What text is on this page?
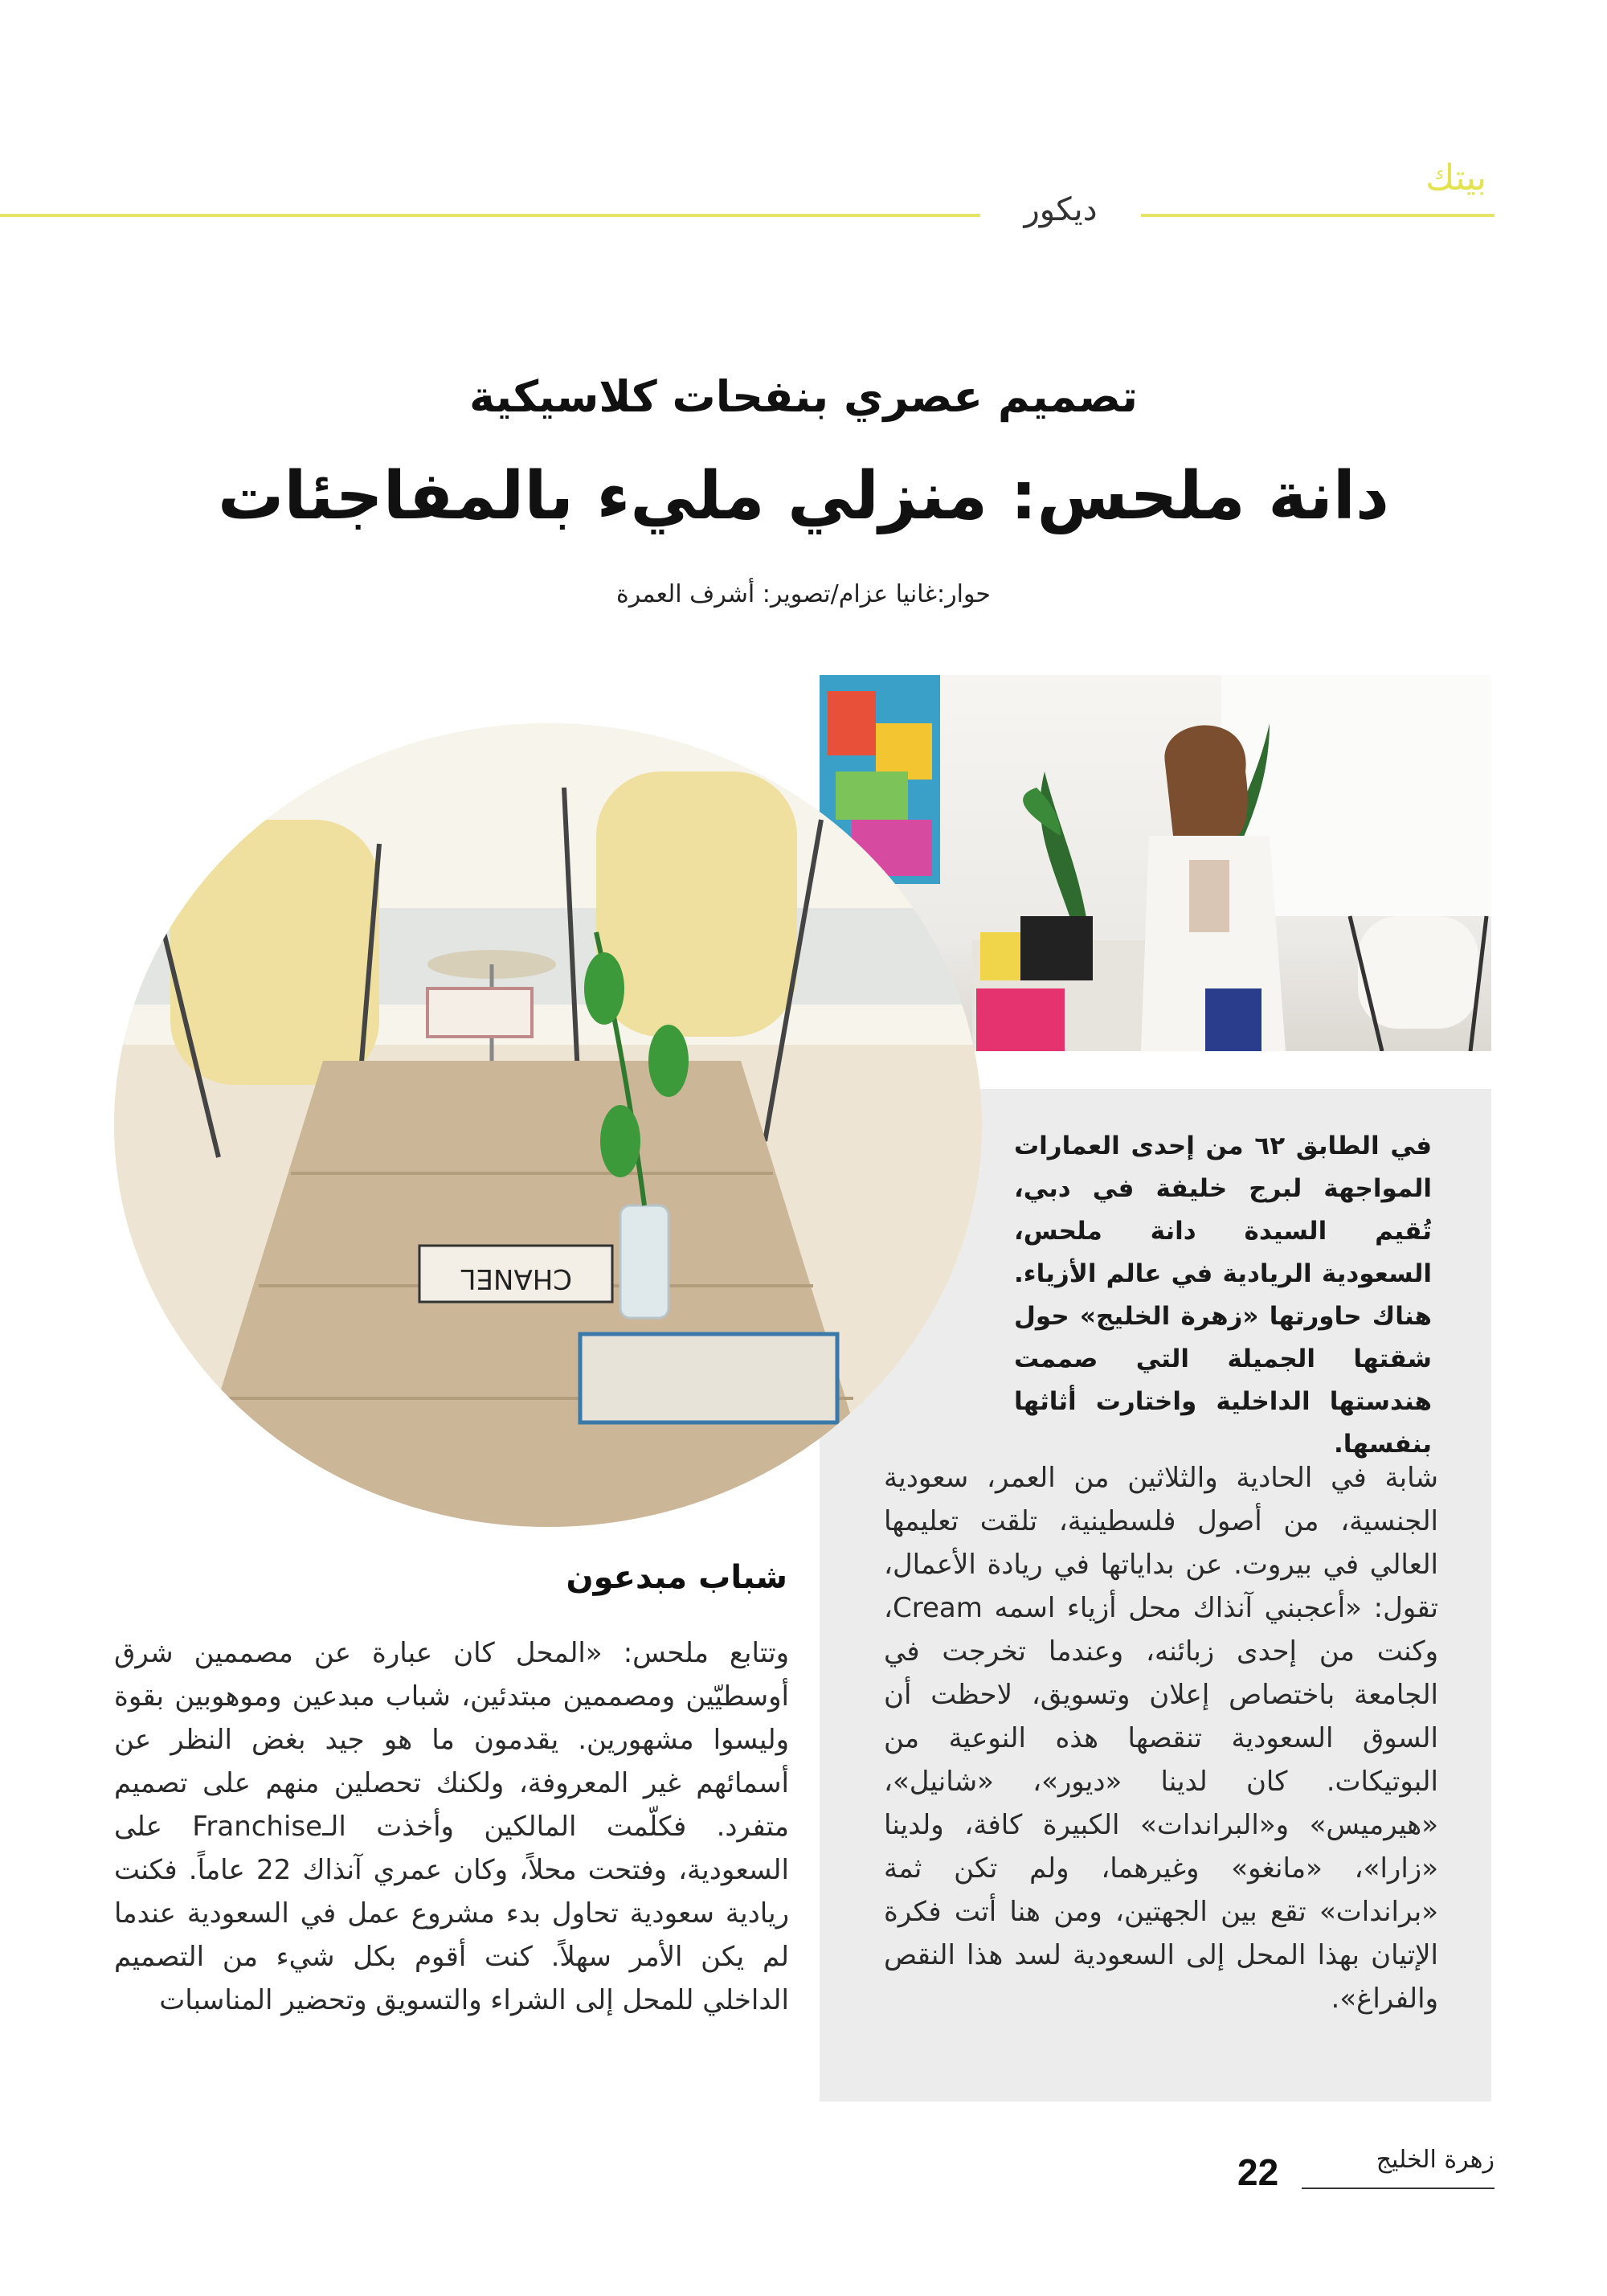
بيتك
ديكور
تصميم عصري بنفحات كلاسيكية
دانة ملحس: منزلي مليء بالمفاجئات
حوار:غانيا عزام/تصوير: أشرف العمرة
CHANEL
في الطابق ٦٢ من إحدى العمارات المواجهة لبرج خليفة في دبي، تُقيم السيدة دانة ملحس، السعودية الريادية في عالم الأزياء. هناك حاورتها «زهرة الخليج» حول شقتها الجميلة التي صممت هندستها الداخلية واختارت أثاثها بنفسها.
شابة في الحادية والثلاثين من العمر، سعودية الجنسية، من أصول فلسطينية، تلقت تعليمها العالي في بيروت. عن بداياتها في ريادة الأعمال، تقول: «أعجبني آنذاك محل أزياء اسمه Cream، وكنت من إحدى زبائنه، وعندما تخرجت في الجامعة باختصاص إعلان وتسويق، لاحظت أن السوق السعودية تنقصها هذه النوعية من البوتيكات. كان لدينا «ديور»، «شانيل»، «هيرميس» و«البراندات» الكبيرة كافة، ولدينا «زارا»، «مانغو» وغيرهما، ولم تكن ثمة «براندات» تقع بين الجهتين، ومن هنا أتت فكرة الإتيان بهذا المحل إلى السعودية لسد هذا النقص والفراغ».
شباب مبدعون
وتتابع ملحس: «المحل كان عبارة عن مصممين شرق أوسطيّين ومصممين مبتدئين، شباب مبدعين وموهوبين بقوة وليسوا مشهورين. يقدمون ما هو جيد بغض النظر عن أسمائهم غير المعروفة، ولكنك تحصلين منهم على تصميم متفرد. فكلّمت المالكين وأخذت الـFranchise على السعودية، وفتحت محلاً، وكان عمري آنذاك 22 عاماً. فكنت ريادية سعودية تحاول بدء مشروع عمل في السعودية عندما لم يكن الأمر سهلاً. كنت أقوم بكل شيء من التصميم الداخلي للمحل إلى الشراء والتسويق وتحضير المناسبات
زهرة الخليج
22
